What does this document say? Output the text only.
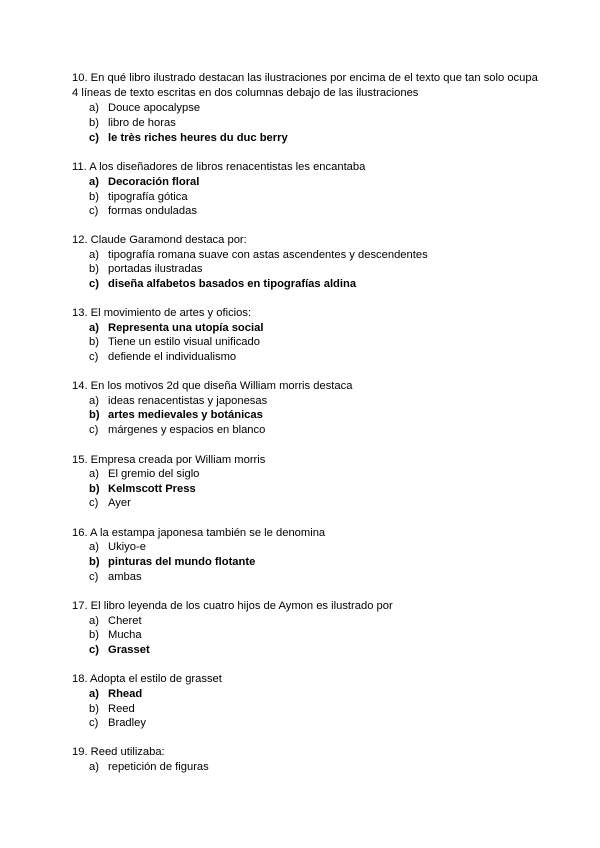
10. En qué libro ilustrado destacan las ilustraciones por encima de el texto que tan solo ocupa 4 líneas de texto escritas en dos columnas debajo de las ilustraciones
a) Douce apocalypse
b) libro de horas
c) le très riches heures du duc berry
11. A los diseñadores de libros renacentistas les encantaba
a) Decoración floral
b) tipografía gótica
c) formas onduladas
12. Claude Garamond destaca por:
a) tipografía romana suave con astas ascendentes y descendentes
b) portadas ilustradas
c) diseña alfabetos basados en tipografías aldina
13. El movimiento de artes y oficios:
a) Representa una utopía social
b) Tiene un estilo visual unificado
c) defiende el individualismo
14. En los motivos 2d que diseña William morris destaca
a) ideas renacentistas y japonesas
b) artes medievales y botánicas
c) márgenes y espacios en blanco
15. Empresa creada por William morris
a) El gremio del siglo
b) Kelmscott Press
c) Ayer
16. A la estampa japonesa también se le denomina
a) Ukiyo-e
b) pinturas del mundo flotante
c) ambas
17. El libro leyenda de los cuatro hijos de Aymon es ilustrado por
a) Cheret
b) Mucha
c) Grasset
18. Adopta el estilo de grasset
a) Rhead
b) Reed
c) Bradley
19. Reed utilizaba:
a) repetición de figuras
